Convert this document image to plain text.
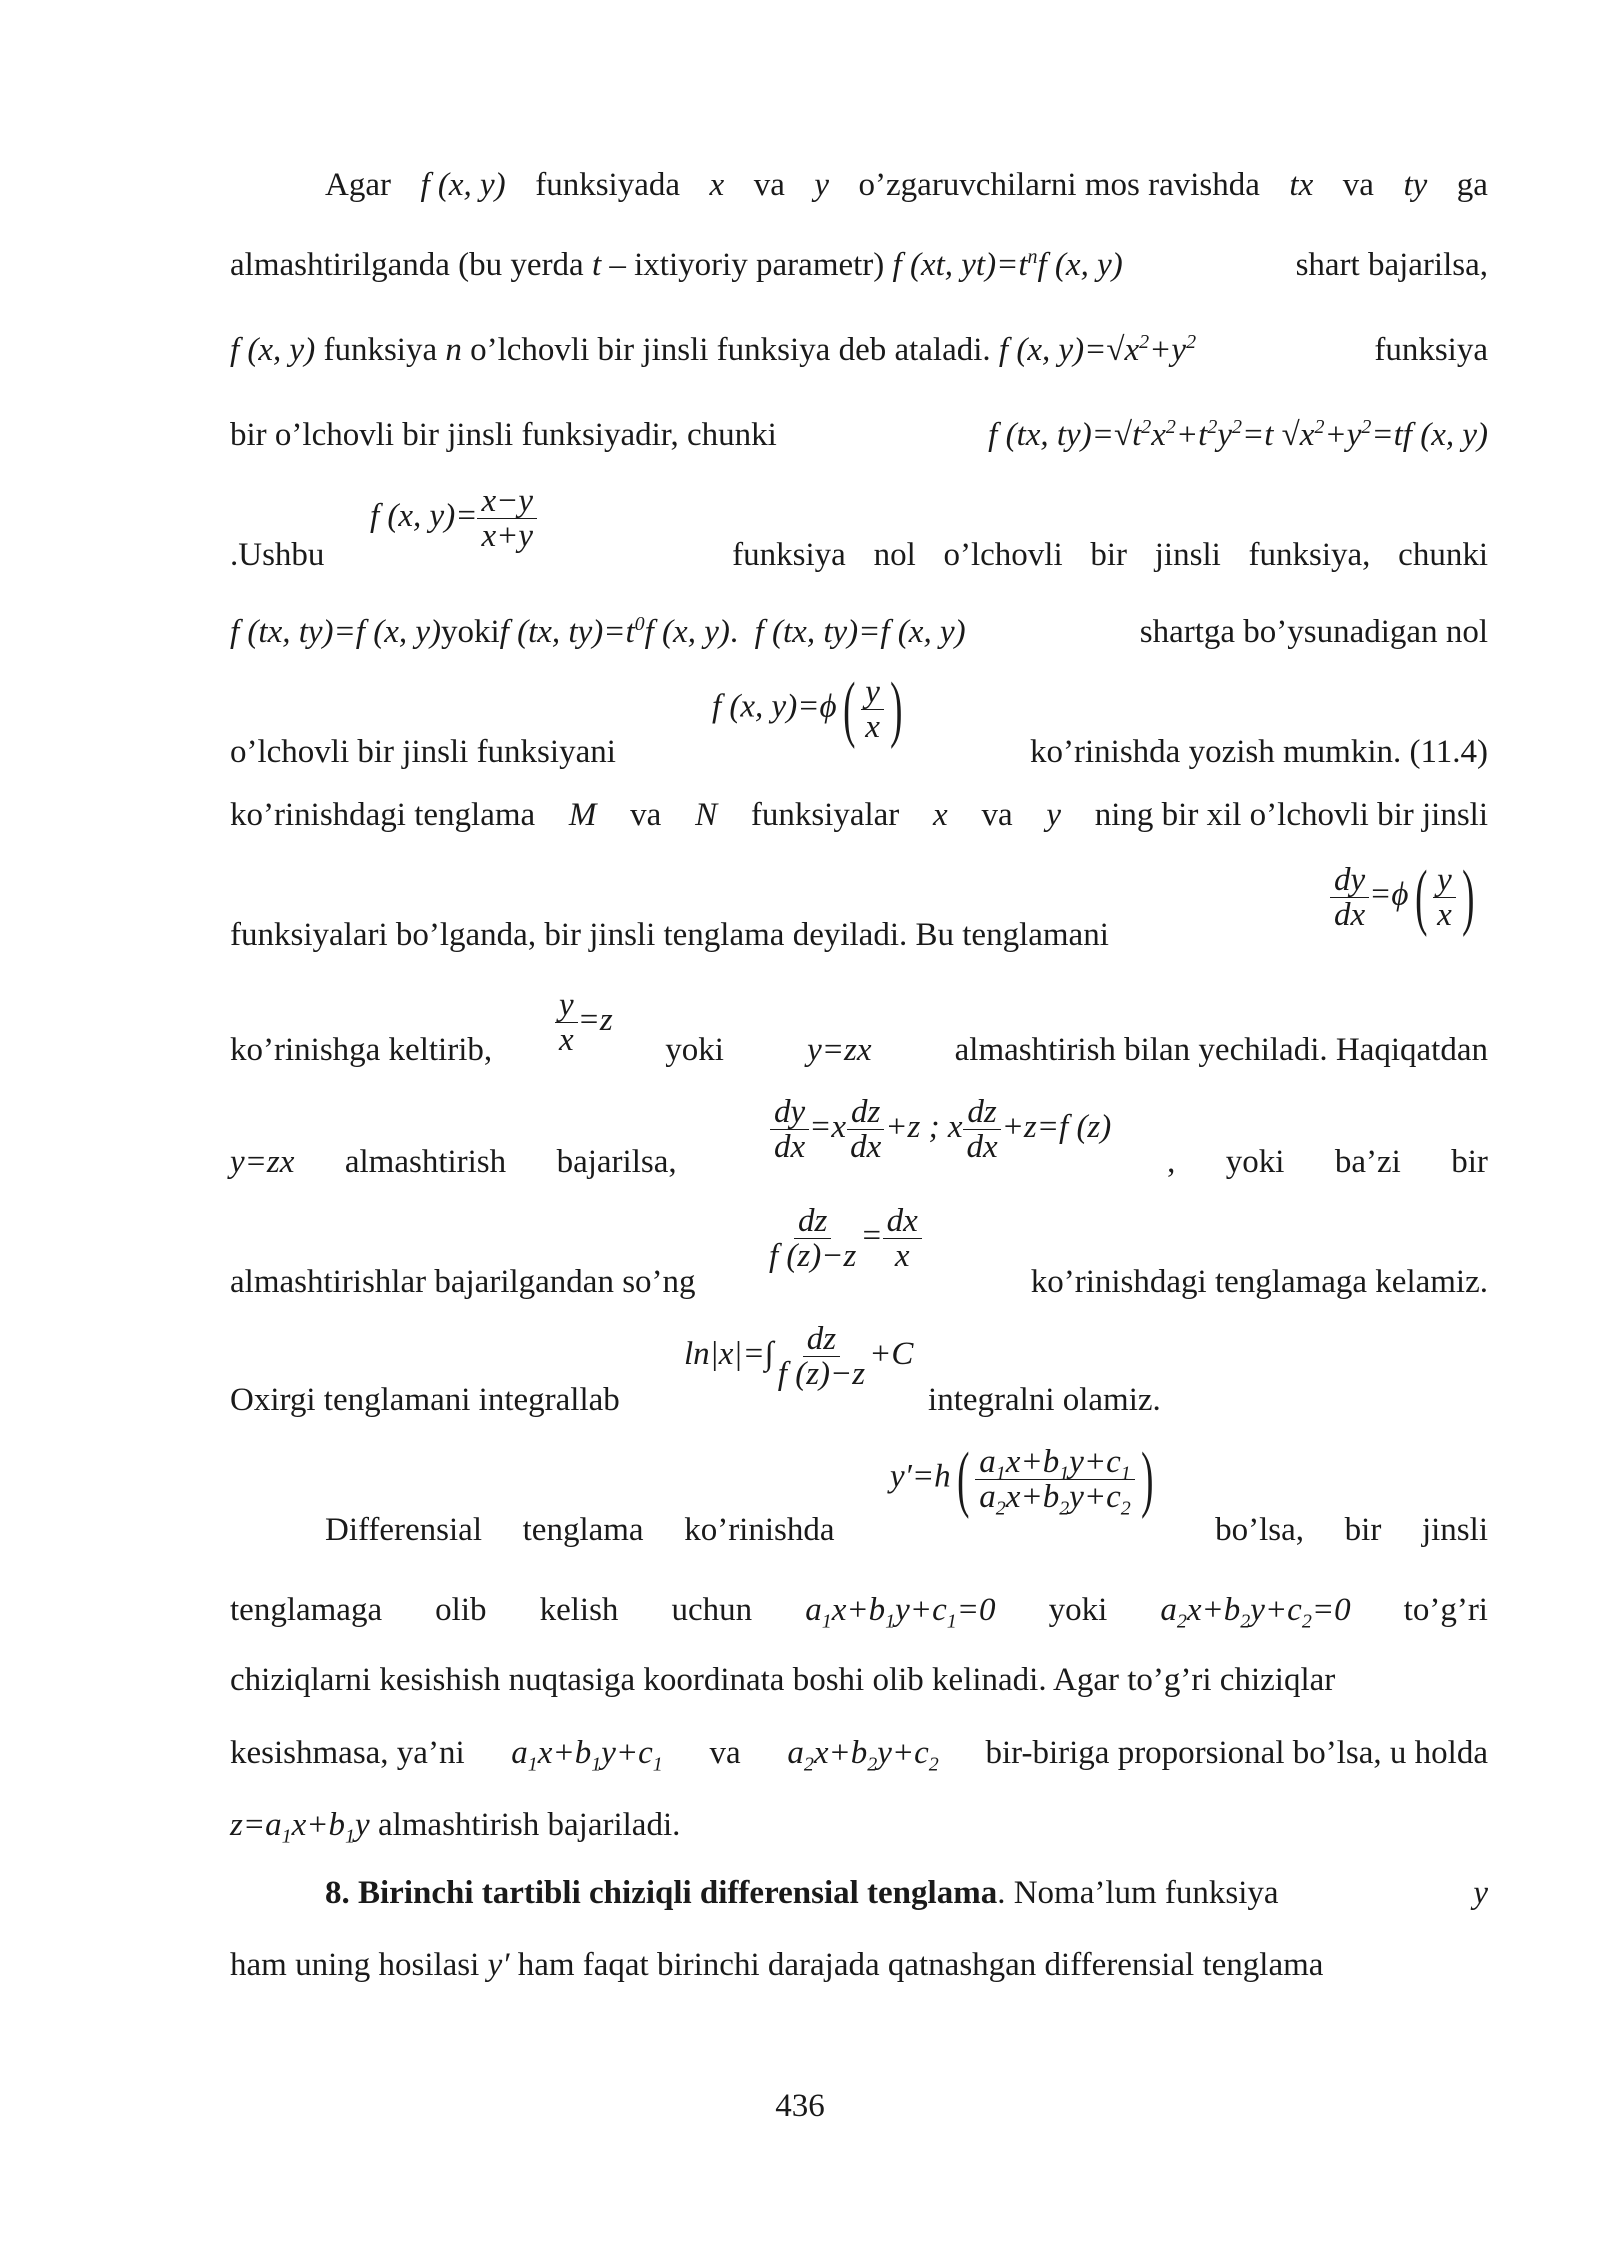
Agar f (x, y) funksiyada x va y o’zgaruvchilarni mos ravishda tx va ty ga
almashtirilganda (bu yerda t – ixtiyoriy parametr) f (xt, $yt)=t^nf$ (x, y)	shart bajarilsa,
f (x, y) funksiya n o’lchovli bir jinsli funksiya deb ataladi. f (x, $y)=√x^2+y^2$	funksiya
bir o’lchovli bir jinsli funksiyadir, chunki	f (tx, $ty)=√t^2x^2+t^2y^2=t$ $√x^2+y^2=tf$ (x, y)
f (x, $y)= \frac{x-y}{x+y}$
.Ushbu	funksiya nol o’lchovli bir jinsli funksiya, chunki
f (tx, ty)=f (x, y)yokif (tx, $ty)=t^0f$ (x, y).  f (tx, ty)=f (x, y)	shartga bo’ysunadigan nol
f (x, $y)=\phi( \frac{y}{x}$ )
o’lchovli bir jinsli funksiyani	ko’rinishda yozish mumkin. (11.4)
ko’rinishdagi tenglama M va N funksiyalar x va y ning bir xil o’lchovli bir jinsli
$\frac{dy}{dx} =\phi( \frac{y}{x}$ )
funksiyalari bo’lganda, bir jinsli tenglama deyiladi. Bu tenglamani
$\frac{y}{x} =z$
ko’rinishga keltirib,	yoki	y=zx	almashtirish bilan yechiladi. Haqiqatdan
$\frac{dy}{dx} =x \frac{dz}{dx} +z$ ; x $\frac{dz}{dx} +z=f$ (z)
y=zx almashtirish bajarilsa,	, yoki ba’zi bir
$\frac{dz}{f (z)-z} = \frac{dx}{x}$
almashtirishlar bajarilgandan so’ng	ko’rinishdagi tenglamaga kelamiz.
$\ln|x|=\int \frac{dz}{f (z)-z} +C$
Oxirgi tenglamani integrallab	integralni olamiz.
$y'=h( \frac{a_1x+b_1y+c_1}{a_2x+b_2y+c_2}$ )
Differensial tenglama ko’rinishda	bo’lsa, bir jinsli
tenglamaga olib kelish uchun $a_1x+b_1y+c_1=0$ yoki $a_2x+b_2y+c_2=0$ to’g’ri
chiziqlarni kesishish nuqtasiga koordinata boshi olib kelinadi. Agar to’g’ri chiziqlar
kesishmasa, ya’ni $a_1x+b_1y+c_1$ va $a_2x+b_2y+c_2$ bir-biriga proporsional bo’lsa, u holda
$z=a_1x+b_1y$ almashtirish bajariladi.
8. Birinchi tartibli chiziqli differensial tenglama. Noma’lum funksiya	y
ham uning hosilasi y′ ham faqat birinchi darajada qatnashgan differensial tenglama
436
